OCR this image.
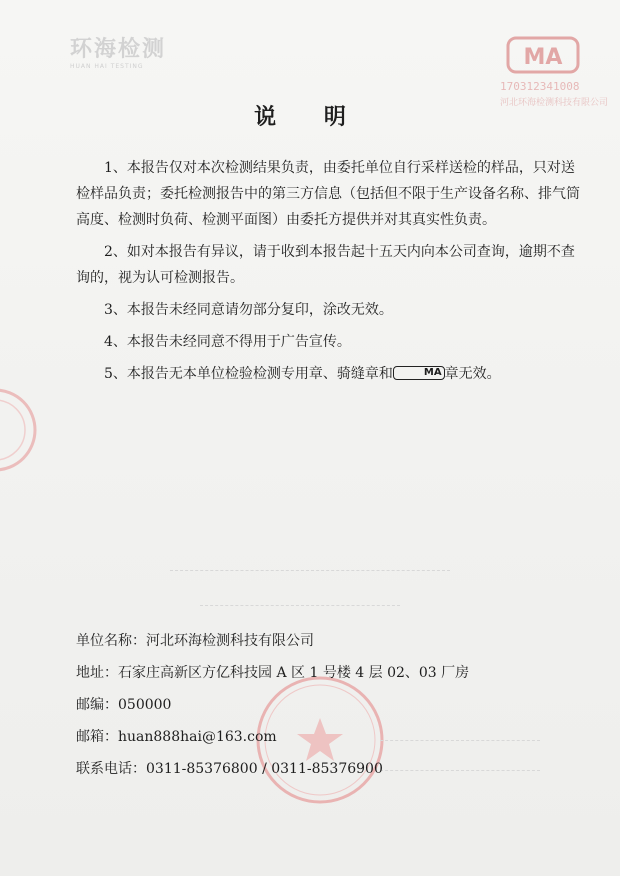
环海检测
HUAN HAI TESTING	MA
170312341008
河北环海检测科技有限公司
说 明

1、本报告仅对本次检测结果负责，由委托单位自行采样送检的样品，只对送检样品负责；委托检测报告中的第三方信息（包括但不限于生产设备名称、排气筒高度、检测时负荷、检测平面图）由委托方提供并对其真实性负责。

2、如对本报告有异议，请于收到本报告起十五天内向本公司查询，逾期不查询的，视为认可检测报告。

3、本报告未经同意请勿部分复印，涂改无效。

4、本报告未经同意不得用于广告宣传。

5、本报告无本单位检验检测专用章、骑缝章和	MA 章无效。

单位名称：河北环海检测科技有限公司
地址：石家庄高新区方亿科技园 A 区 1 号楼 4 层 02、03 厂房
邮编：050000
邮箱：huan888hai@163.com
联系电话：0311-85376800 / 0311-85376900
